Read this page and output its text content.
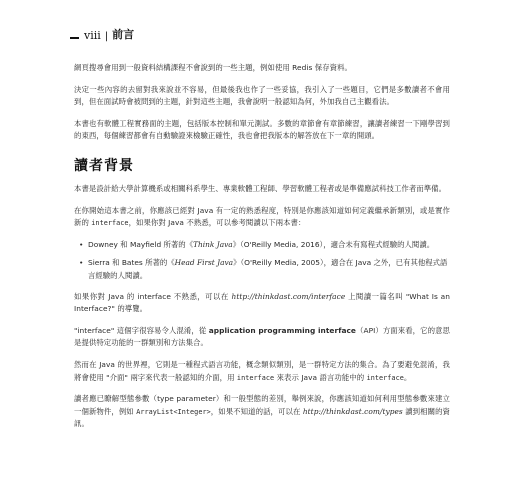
viii | 前言

網頁搜尋會用到一般資料結構課程不會說到的一些主題，例如使用 Redis 保存資料。

決定一些內容的去留對我來說並不容易，但最後我也作了一些妥協，我引入了一些題目，它們是多數讀者不會用到，但在面試時會被問到的主題，針對這些主題，我會說明一般認知為何，外加我自己主觀看法。

本書也有軟體工程實務面的主題，包括版本控制和單元測試。多數的章節會有章節練習，讓讀者練習一下剛學習到的東西，每個練習都會有自動驗證來檢驗正確性，我也會把我版本的解答放在下一章的開頭。

讀者背景

本書是設計給大學計算機系或相關科系學生、專業軟體工程師、學習軟體工程者或是準備應試科技工作者而準備。

在你開始這本書之前，你應該已經對 Java 有一定的熟悉程度，特別是你應該知道如何定義繼承新類別，或是實作新的 interface，如果你對 Java 不熟悉，可以參考閱讀以下兩本書：

• Downey 和 Mayfield 所著的《Think Java》（O'Reilly Media, 2016），適合未有寫程式經驗的人閱讀。
• Sierra 和 Bates 所著的《Head First Java》（O'Reilly Media, 2005），適合在 Java 之外，已有其他程式語言經驗的人閱讀。

如果你對 Java 的 interface 不熟悉，可以在 http://thinkdast.com/interface 上閱讀一篇名叫 "What Is an Interface?" 的導覽。

"interface" 這個字很容易令人混淆，從 application programming interface（API）方面來看，它的意思是提供特定功能的一群類別和方法集合。

然而在 Java 的世界裡，它則是一種程式語言功能，概念類似類別，是一群特定方法的集合。為了要避免混淆，我將會使用 "介面" 兩字來代表一般認知的介面，用 interface 來表示 Java 語言功能中的 interface。

讀者應已瞭解型態參數（type parameter）和一般型態的差別，舉例來說，你應該知道如何利用型態參數來建立一個新物件，例如 ArrayList<Integer>，如果不知道的話，可以在 http://thinkdast.com/types 讀到相關的資訊。
